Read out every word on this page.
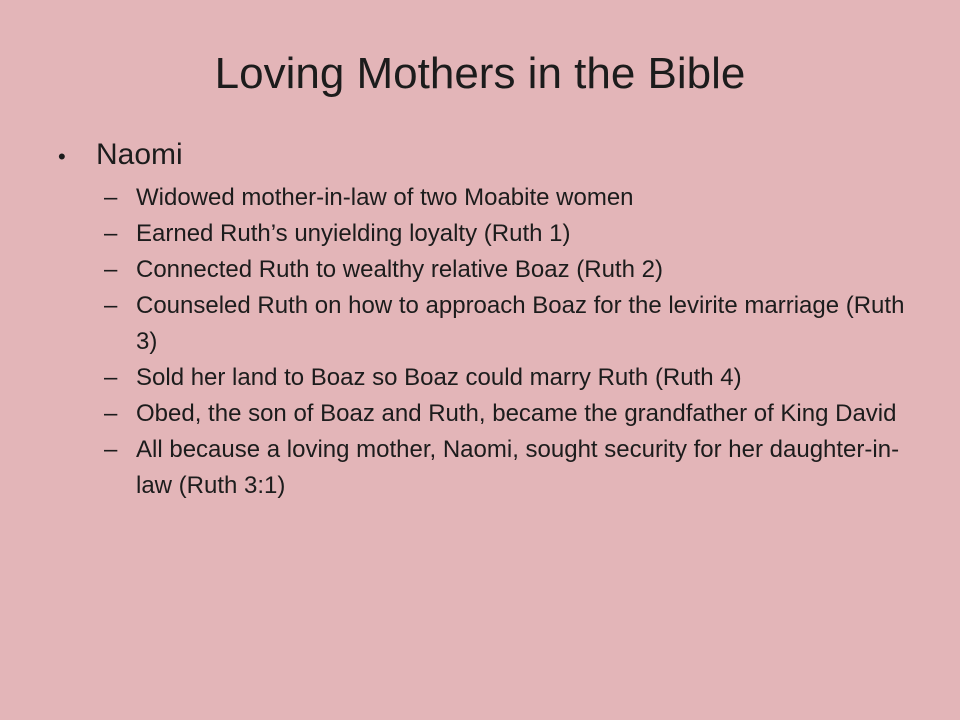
Loving Mothers in the Bible
•	Naomi
– Widowed mother-in-law of two Moabite women
– Earned Ruth’s unyielding loyalty (Ruth 1)
– Connected Ruth to wealthy relative Boaz (Ruth 2)
– Counseled Ruth on how to approach Boaz for the levirite marriage (Ruth 3)
– Sold her land to Boaz so Boaz could marry Ruth (Ruth 4)
– Obed, the son of Boaz and Ruth, became the grandfather of King David
– All because a loving mother, Naomi, sought security for her daughter-in-law (Ruth 3:1)
